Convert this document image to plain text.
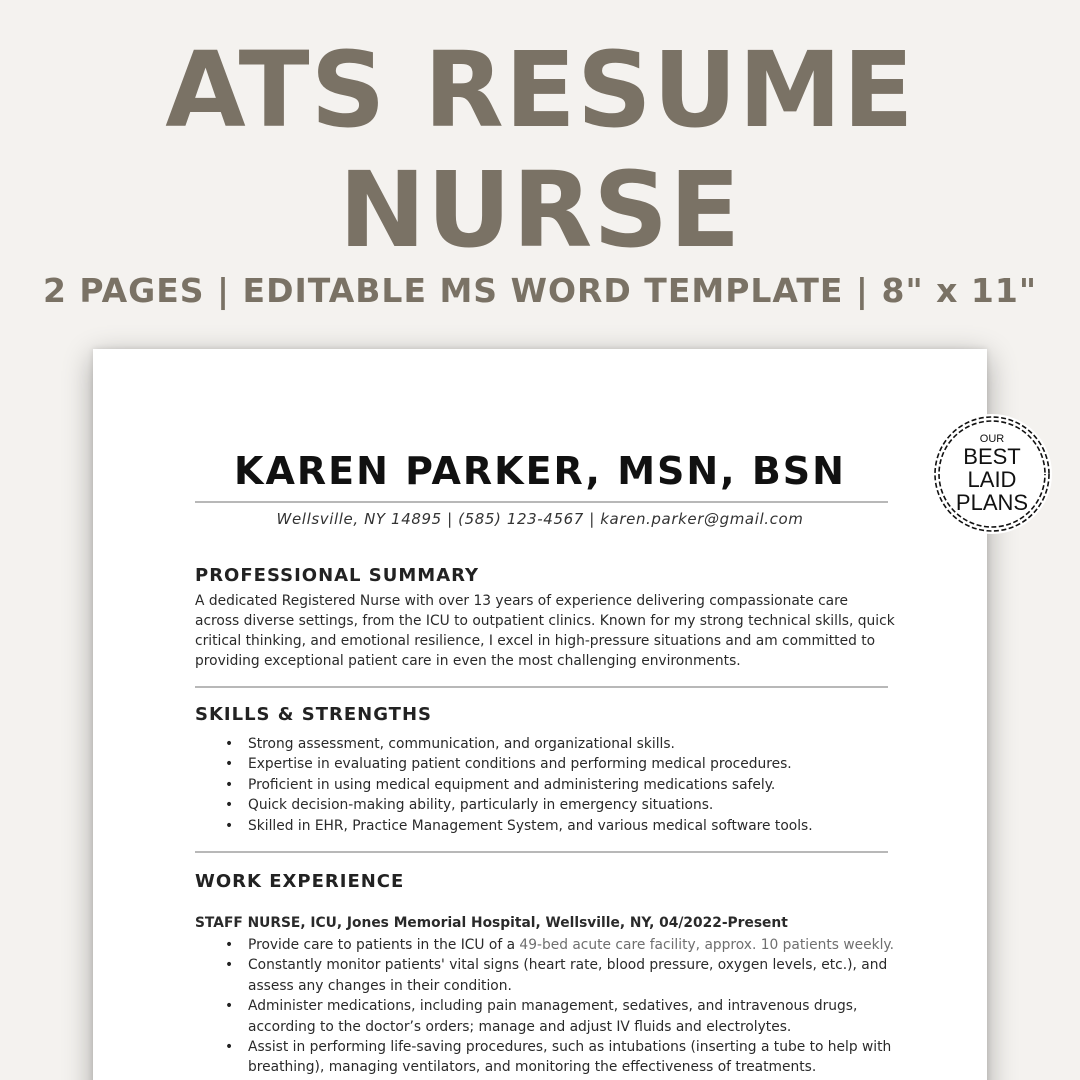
ATS RESUME
NURSE
2 PAGES | EDITABLE MS WORD TEMPLATE | 8" x 11"
KAREN PARKER, MSN, BSN
Wellsville, NY 14895 | (585) 123-4567 | karen.parker@gmail.com
PROFESSIONAL SUMMARY
A dedicated Registered Nurse with over 13 years of experience delivering compassionate care across diverse settings, from the ICU to outpatient clinics. Known for my strong technical skills, quick critical thinking, and emotional resilience, I excel in high-pressure situations and am committed to providing exceptional patient care in even the most challenging environments.
SKILLS & STRENGTHS
• Strong assessment, communication, and organizational skills.
• Expertise in evaluating patient conditions and performing medical procedures.
• Proficient in using medical equipment and administering medications safely.
• Quick decision-making ability, particularly in emergency situations.
• Skilled in EHR, Practice Management System, and various medical software tools.
WORK EXPERIENCE
STAFF NURSE, ICU, Jones Memorial Hospital, Wellsville, NY, 04/2022-Present
• Provide care to patients in the ICU of a 49-bed acute care facility, approx. 10 patients weekly.
• Constantly monitor patients' vital signs (heart rate, blood pressure, oxygen levels, etc.), and assess any changes in their condition.
• Administer medications, including pain management, sedatives, and intravenous drugs, according to the doctor’s orders; manage and adjust IV fluids and electrolytes.
• Assist in performing life-saving procedures, such as intubations (inserting a tube to help with breathing), managing ventilators, and monitoring the effectiveness of treatments.
OUR
BEST
LAID
PLANS
